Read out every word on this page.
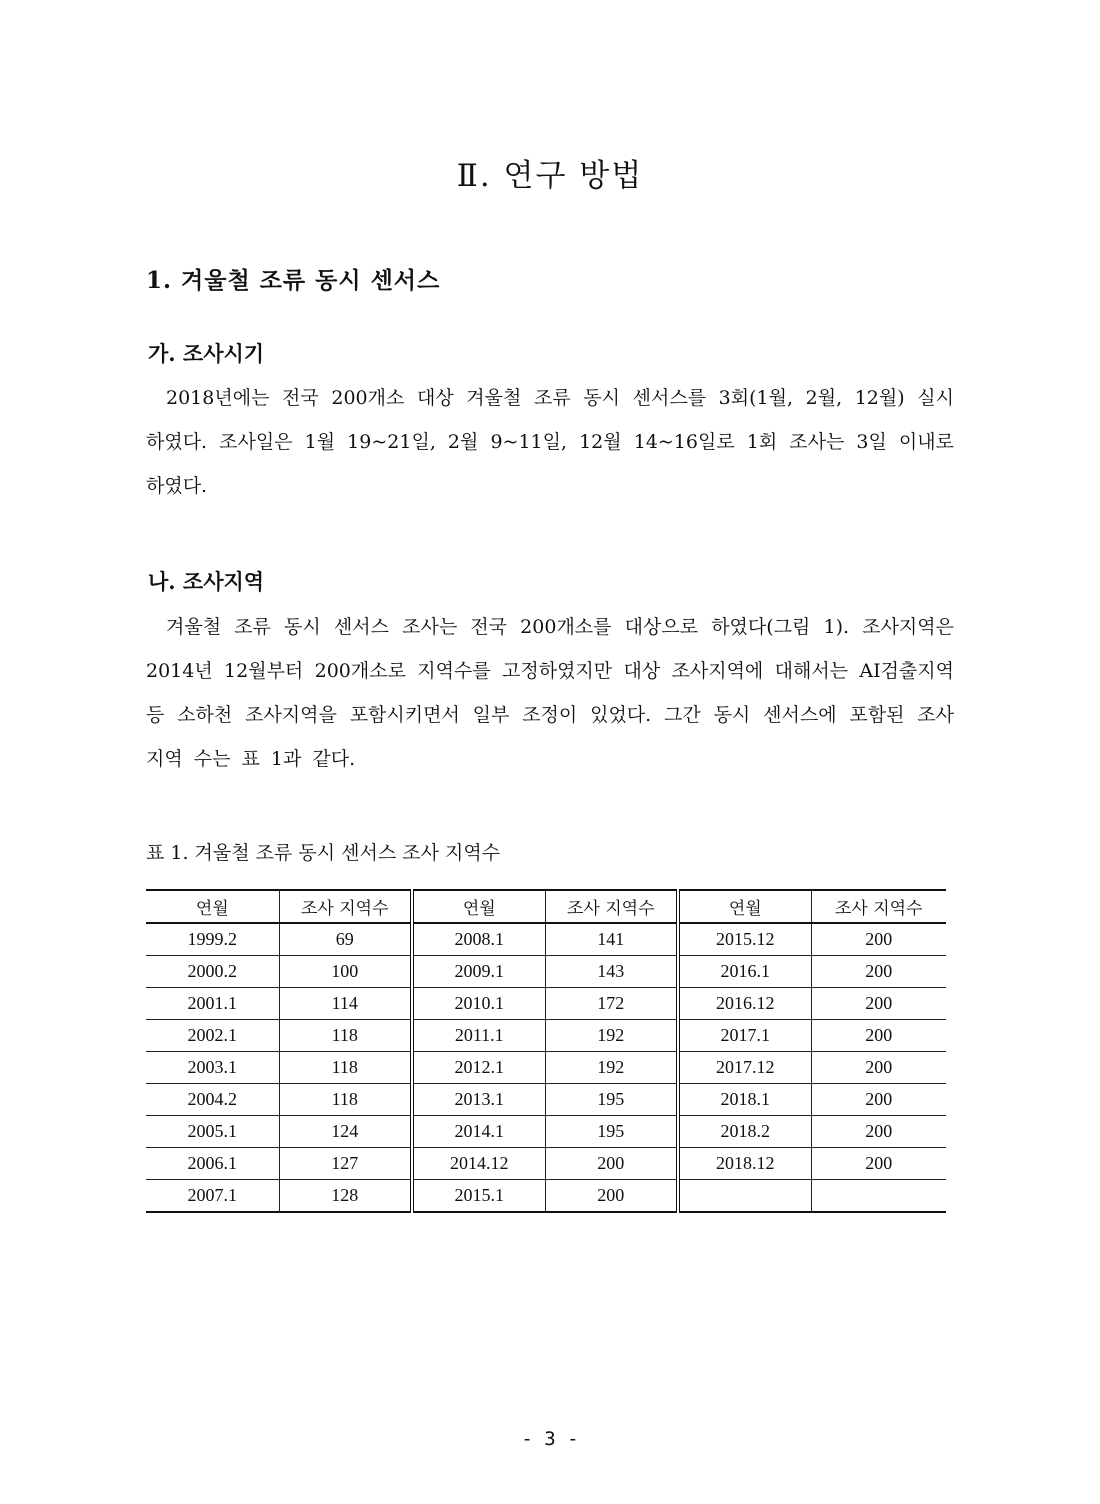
Ⅱ. 연구 방법
1. 겨울철 조류 동시 센서스
가. 조사시기

2018년에는 전국 200개소 대상 겨울철 조류 동시 센서스를 3회(1월, 2월, 12월) 실시하였다. 조사일은 1월 19~21일, 2월 9~11일, 12월 14~16일로 1회 조사는 3일 이내로 하였다.

나. 조사지역

겨울철 조류 동시 센서스 조사는 전국 200개소를 대상으로 하였다(그림 1). 조사지역은 2014년 12월부터 200개소로 지역수를 고정하였지만 대상 조사지역에 대해서는 AI검출지역 등 소하천 조사지역을 포함시키면서 일부 조정이 있었다. 그간 동시 센서스에 포함된 조사 지역 수는 표 1과 같다.

표 1. 겨울철 조류 동시 센서스 조사 지역수
연월	조사 지역수	연월	조사 지역수	연월	조사 지역수
1999.2	69	2008.1	141	2015.12	200
2000.2	100	2009.1	143	2016.1	200
2001.1	114	2010.1	172	2016.12	200
2002.1	118	2011.1	192	2017.1	200
2003.1	118	2012.1	192	2017.12	200
2004.2	118	2013.1	195	2018.1	200
2005.1	124	2014.1	195	2018.2	200
2006.1	127	2014.12	200	2018.12	200
2007.1	128	2015.1	200		
- 3 -
